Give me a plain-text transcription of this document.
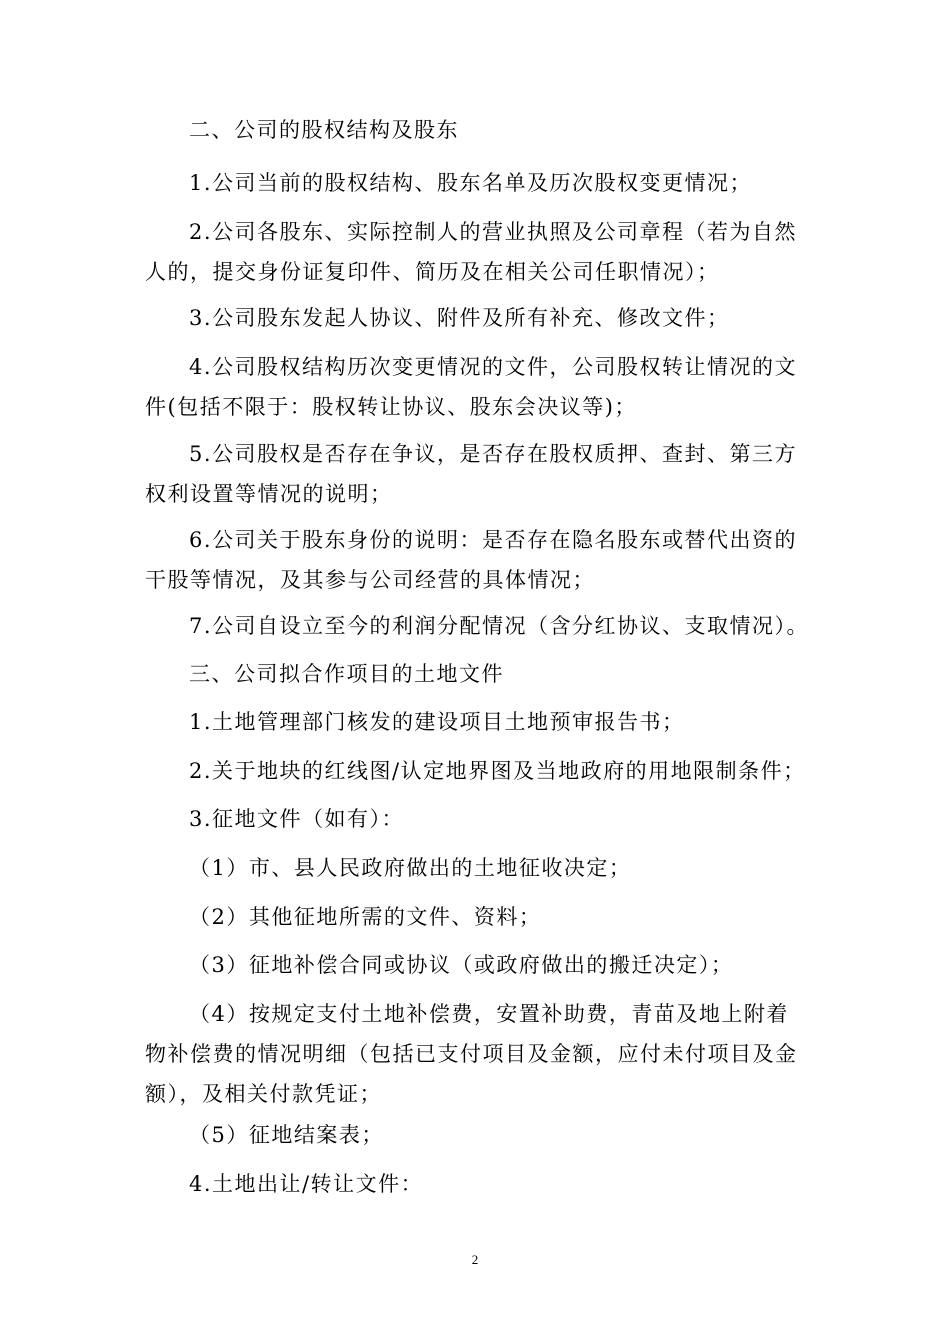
二、公司的股权结构及股东

1.公司当前的股权结构、股东名单及历次股权变更情况；

2.公司各股东、实际控制人的营业执照及公司章程（若为自然人的，提交身份证复印件、简历及在相关公司任职情况）；

3.公司股东发起人协议、附件及所有补充、修改文件；

4.公司股权结构历次变更情况的文件，公司股权转让情况的文件(包括不限于：股权转让协议、股东会决议等)；

5.公司股权是否存在争议，是否存在股权质押、查封、第三方权利设置等情况的说明；

6.公司关于股东身份的说明：是否存在隐名股东或替代出资的干股等情况，及其参与公司经营的具体情况；

7.公司自设立至今的利润分配情况（含分红协议、支取情况）。

三、公司拟合作项目的土地文件

1.土地管理部门核发的建设项目土地预审报告书；

2.关于地块的红线图/认定地界图及当地政府的用地限制条件；

3.征地文件（如有）：

（1）市、县人民政府做出的土地征收决定；

（2）其他征地所需的文件、资料；

（3）征地补偿合同或协议（或政府做出的搬迁决定）；

（4）按规定支付土地补偿费，安置补助费，青苗及地上附着物补偿费的情况明细（包括已支付项目及金额，应付未付项目及金额），及相关付款凭证；

（5）征地结案表；

4.土地出让/转让文件：

2
